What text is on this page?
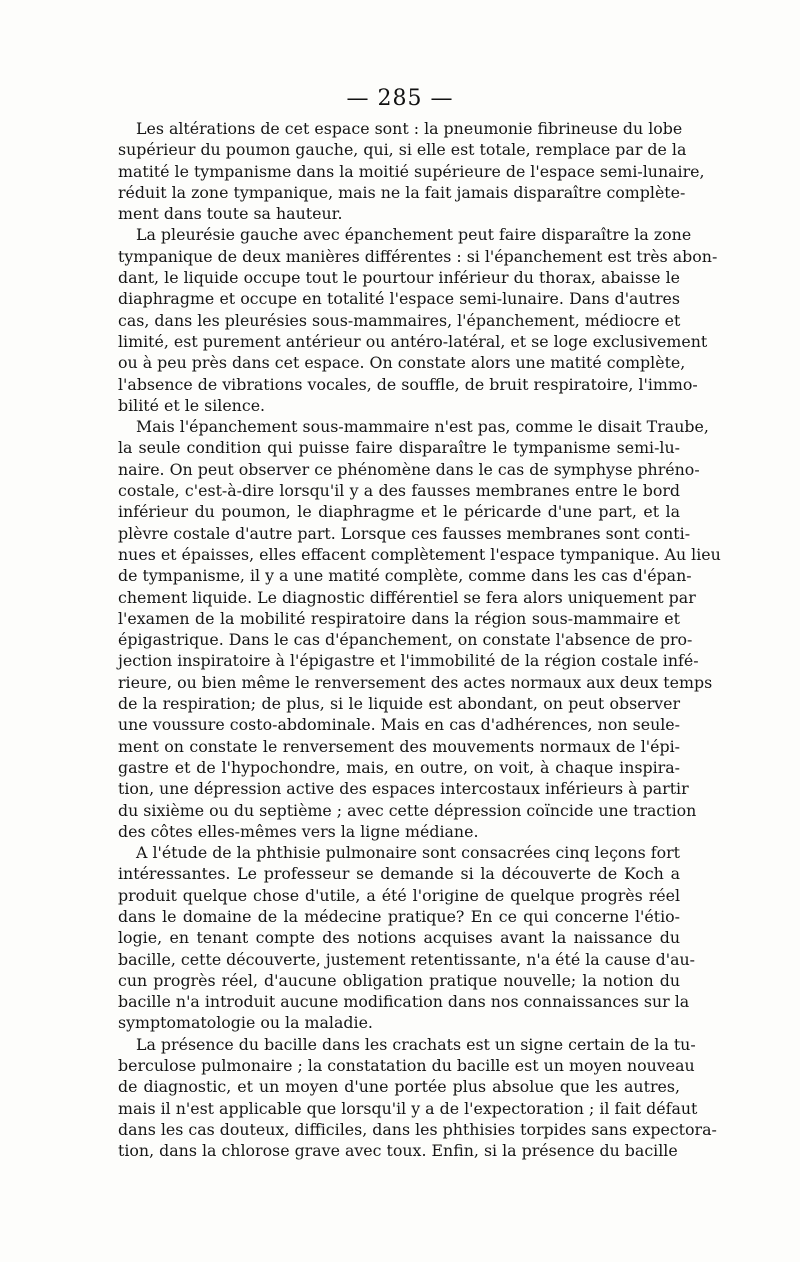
— 285 —
Les altérations de cet espace sont : la pneumonie fibrineuse du lobe
supérieur du poumon gauche, qui, si elle est totale, remplace par de la
matité le tympanisme dans la moitié supérieure de l'espace semi-lunaire,
réduit la zone tympanique, mais ne la fait jamais disparaître complète-
ment dans toute sa hauteur.
La pleurésie gauche avec épanchement peut faire disparaître la zone
tympanique de deux manières différentes : si l'épanchement est très abon-
dant, le liquide occupe tout le pourtour inférieur du thorax, abaisse le
diaphragme et occupe en totalité l'espace semi-lunaire. Dans d'autres
cas, dans les pleurésies sous-mammaires, l'épanchement, médiocre et
limité, est purement antérieur ou antéro-latéral, et se loge exclusivement
ou à peu près dans cet espace. On constate alors une matité complète,
l'absence de vibrations vocales, de souffle, de bruit respiratoire, l'immo-
bilité et le silence.
Mais l'épanchement sous-mammaire n'est pas, comme le disait Traube,
la seule condition qui puisse faire disparaître le tympanisme semi-lu-
naire. On peut observer ce phénomène dans le cas de symphyse phréno-
costale, c'est-à-dire lorsqu'il y a des fausses membranes entre le bord
inférieur du poumon, le diaphragme et le péricarde d'une part, et la
plèvre costale d'autre part. Lorsque ces fausses membranes sont conti-
nues et épaisses, elles effacent complètement l'espace tympanique. Au lieu
de tympanisme, il y a une matité complète, comme dans les cas d'épan-
chement liquide. Le diagnostic différentiel se fera alors uniquement par
l'examen de la mobilité respiratoire dans la région sous-mammaire et
épigastrique. Dans le cas d'épanchement, on constate l'absence de pro-
jection inspiratoire à l'épigastre et l'immobilité de la région costale infé-
rieure, ou bien même le renversement des actes normaux aux deux temps
de la respiration; de plus, si le liquide est abondant, on peut observer
une voussure costo-abdominale. Mais en cas d'adhérences, non seule-
ment on constate le renversement des mouvements normaux de l'épi-
gastre et de l'hypochondre, mais, en outre, on voit, à chaque inspira-
tion, une dépression active des espaces intercostaux inférieurs à partir
du sixième ou du septième ; avec cette dépression coïncide une traction
des côtes elles-mêmes vers la ligne médiane.
A l'étude de la phthisie pulmonaire sont consacrées cinq leçons fort
intéressantes. Le professeur se demande si la découverte de Koch a
produit quelque chose d'utile, a été l'origine de quelque progrès réel
dans le domaine de la médecine pratique? En ce qui concerne l'étio-
logie, en tenant compte des notions acquises avant la naissance du
bacille, cette découverte, justement retentissante, n'a été la cause d'au-
cun progrès réel, d'aucune obligation pratique nouvelle; la notion du
bacille n'a introduit aucune modification dans nos connaissances sur la
symptomatologie ou la maladie.
La présence du bacille dans les crachats est un signe certain de la tu-
berculose pulmonaire ; la constatation du bacille est un moyen nouveau
de diagnostic, et un moyen d'une portée plus absolue que les autres,
mais il n'est applicable que lorsqu'il y a de l'expectoration ; il fait défaut
dans les cas douteux, difficiles, dans les phthisies torpides sans expectora-
tion, dans la chlorose grave avec toux. Enfin, si la présence du bacille
